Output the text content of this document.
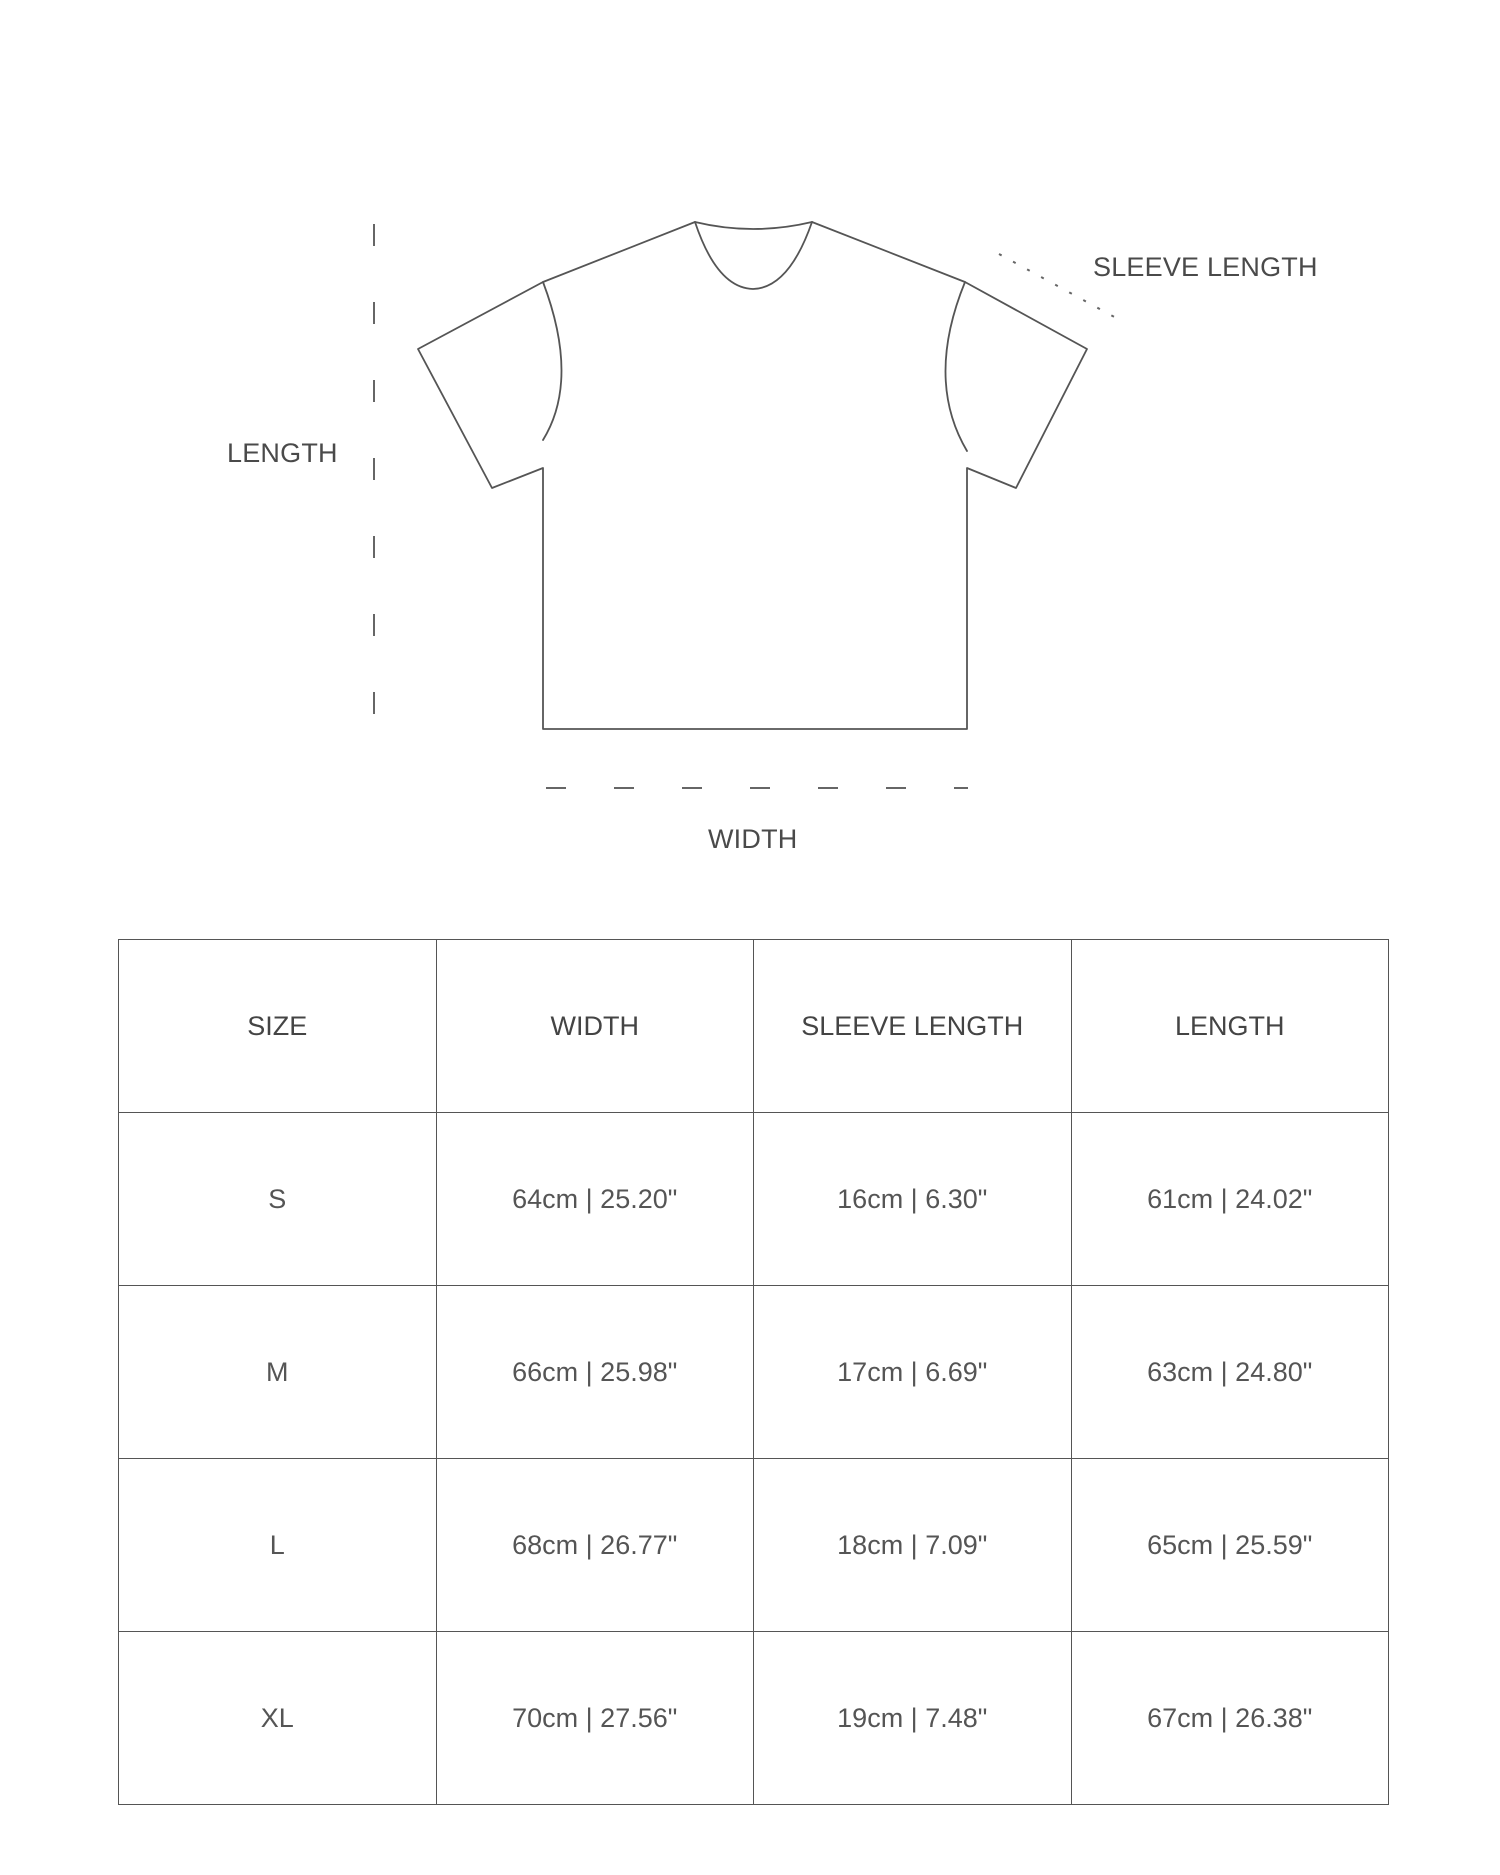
SLEEVE LENGTH
LENGTH
WIDTH
SIZE	WIDTH	SLEEVE LENGTH	LENGTH
S	64cm | 25.20"	16cm | 6.30"	61cm | 24.02"
M	66cm | 25.98"	17cm | 6.69"	63cm | 24.80"
L	68cm | 26.77"	18cm | 7.09"	65cm | 25.59"
XL	70cm | 27.56"	19cm | 7.48"	67cm | 26.38"
